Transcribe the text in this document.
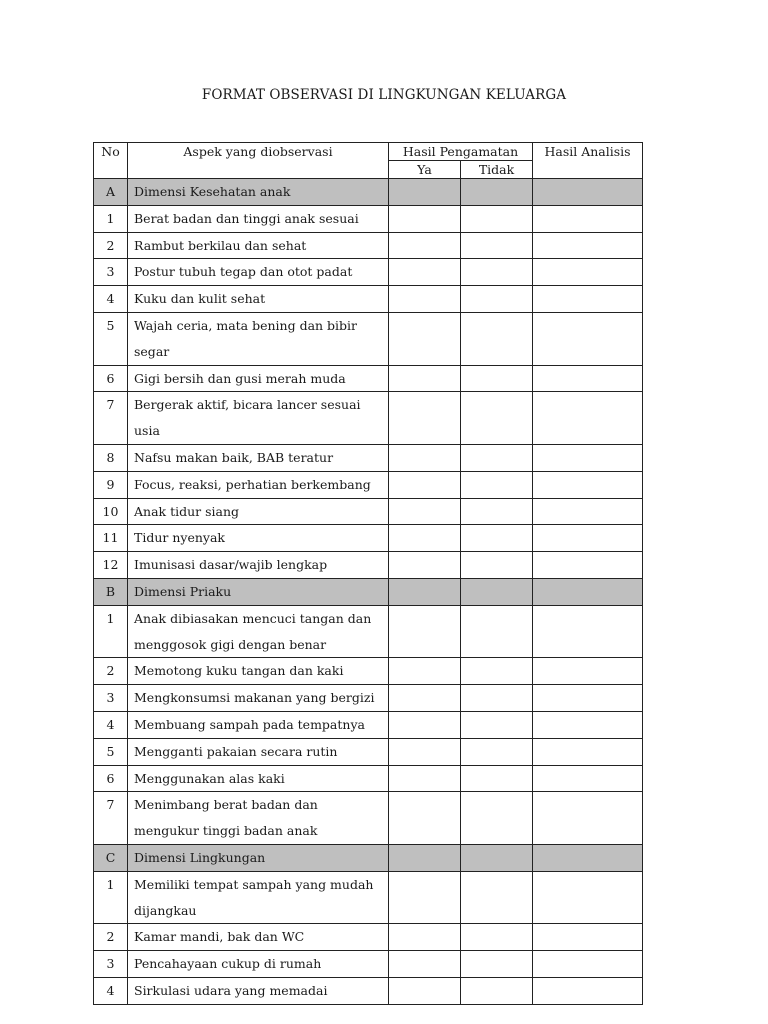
FORMAT OBSERVASI DI LINGKUNGAN KELUARGA
No	Aspek yang diobservasi	Hasil Pengamatan		Hasil Analisis
		Ya	Tidak	
A	Dimensi Kesehatan anak			
1	Berat badan dan tinggi anak sesuai			
2	Rambut berkilau dan sehat			
3	Postur tubuh tegap dan otot padat			
4	Kuku dan kulit sehat			
5	Wajah ceria, mata bening dan bibir segar			
6	Gigi bersih dan gusi merah muda			
7	Bergerak aktif, bicara lancer sesuai usia			
8	Nafsu makan baik, BAB teratur			
9	Focus, reaksi, perhatian berkembang			
10	Anak tidur siang			
11	Tidur nyenyak			
12	Imunisasi dasar/wajib lengkap			
B	Dimensi Priaku			
1	Anak dibiasakan mencuci tangan dan menggosok gigi dengan benar			
2	Memotong kuku tangan dan kaki			
3	Mengkonsumsi makanan yang bergizi			
4	Membuang sampah pada tempatnya			
5	Mengganti pakaian secara rutin			
6	Menggunakan alas kaki			
7	Menimbang berat badan dan mengukur tinggi badan anak			
C	Dimensi Lingkungan			
1	Memiliki tempat sampah yang mudah dijangkau			
2	Kamar mandi, bak dan WC			
3	Pencahayaan cukup di rumah			
4	Sirkulasi udara yang memadai			
